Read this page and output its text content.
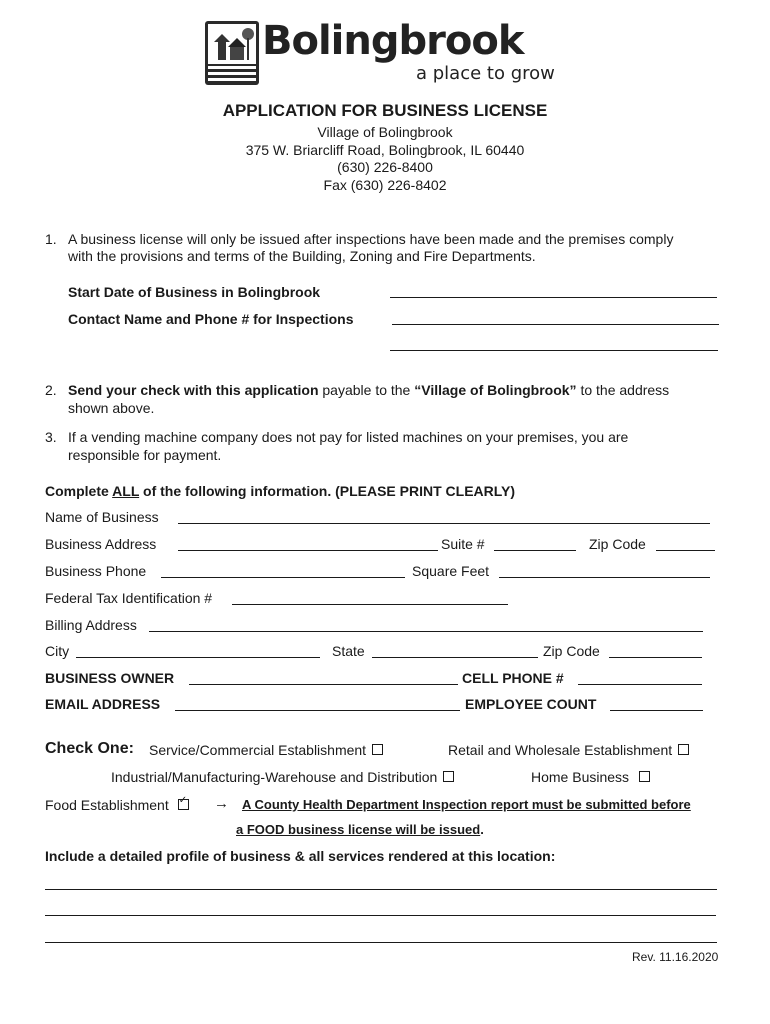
Bolingbrook
a place to grow
APPLICATION FOR BUSINESS LICENSE
Village of Bolingbrook
375 W. Briarcliff Road, Bolingbrook, IL 60440
(630) 226-8400
Fax (630) 226-8402
1. A business license will only be issued after inspections have been made and the premises comply
with the provisions and terms of the Building, Zoning and Fire Departments.
Start Date of Business in Bolingbrook
Contact Name and Phone # for Inspections
2. Send your check with this application payable to the “Village of Bolingbrook” to the address
shown above.
3. If a vending machine company does not pay for listed machines on your premises, you are
responsible for payment.
Complete ALL of the following information. (PLEASE PRINT CLEARLY)
Name of Business
Business Address	Suite #	Zip Code
Business Phone	Square Feet
Federal Tax Identification #
Billing Address
City	State	Zip Code
BUSINESS OWNER	CELL PHONE #
EMAIL ADDRESS	EMPLOYEE COUNT
Check One: Service/Commercial Establishment	Retail and Wholesale Establishment
Industrial/Manufacturing-Warehouse and Distribution	Home Business
Food Establishment✓	→ A County Health Department Inspection report must be submitted before
a FOOD business license will be issued.
Include a detailed profile of business & all services rendered at this location:
Rev. 11.16.2020
